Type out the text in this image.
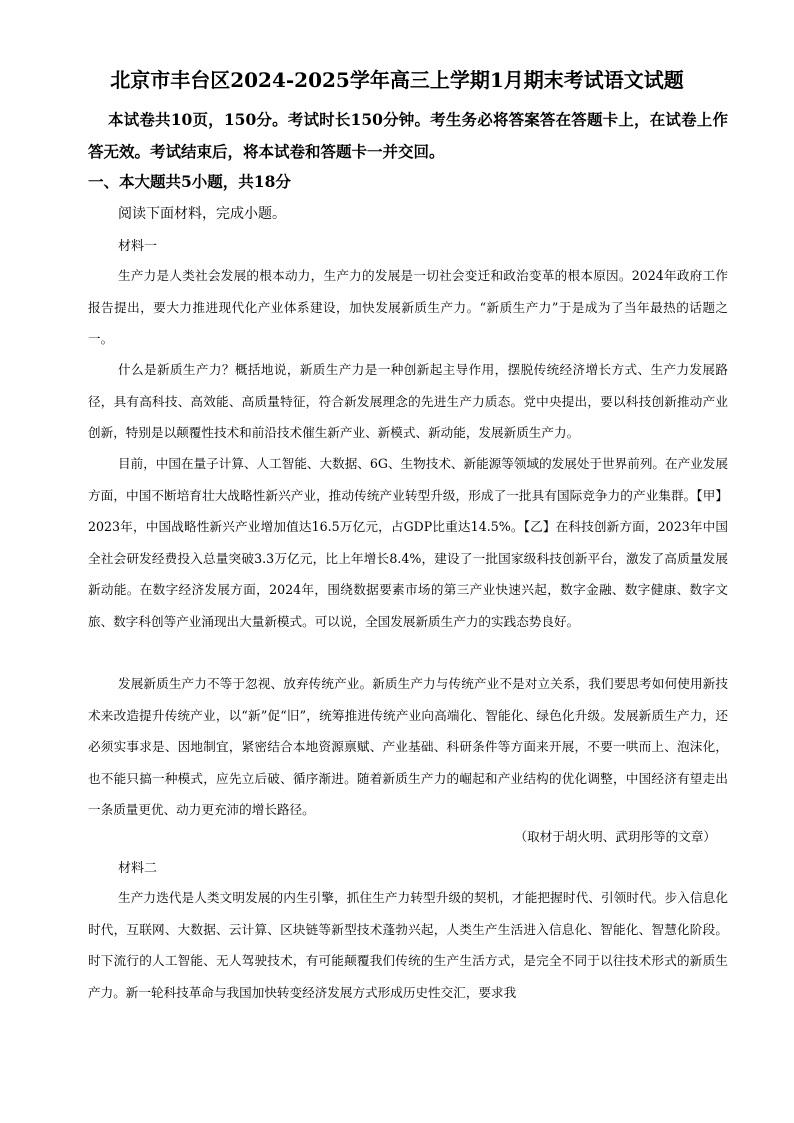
北京市丰台区2024-2025学年高三上学期1月期末考试语文试题

本试卷共10页，150分。考试时长150分钟。考生务必将答案答在答题卡上，在试卷上作答无效。考试结束后，将本试卷和答题卡一并交回。

一、本大题共5小题，共18分

阅读下面材料，完成小题。

材料一

生产力是人类社会发展的根本动力，生产力的发展是一切社会变迁和政治变革的根本原因。2024年政府工作报告提出，要大力推进现代化产业体系建设，加快发展新质生产力。“新质生产力”于是成为了当年最热的话题之一。

什么是新质生产力？概括地说，新质生产力是一种创新起主导作用，摆脱传统经济增长方式、生产力发展路径，具有高科技、高效能、高质量特征，符合新发展理念的先进生产力质态。党中央提出，要以科技创新推动产业创新，特别是以颠覆性技术和前沿技术催生新产业、新模式、新动能，发展新质生产力。

目前，中国在量子计算、人工智能、大数据、6G、生物技术、新能源等领域的发展处于世界前列。在产业发展方面，中国不断培育壮大战略性新兴产业，推动传统产业转型升级，形成了一批具有国际竞争力的产业集群。【甲】2023年，中国战略性新兴产业增加值达16.5万亿元，占GDP比重达14.5%。【乙】在科技创新方面，2023年中国全社会研发经费投入总量突破3.3万亿元，比上年增长8.4%，建设了一批国家级科技创新平台，激发了高质量发展新动能。在数字经济发展方面，2024年，围绕数据要素市场的第三产业快速兴起，数字金融、数字健康、数字文旅、数字科创等产业涌现出大量新模式。可以说，全国发展新质生产力的实践态势良好。

发展新质生产力不等于忽视、放弃传统产业。新质生产力与传统产业不是对立关系，我们要思考如何使用新技术来改造提升传统产业，以“新”促“旧”，统筹推进传统产业向高端化、智能化、绿色化升级。发展新质生产力，还必须实事求是、因地制宜，紧密结合本地资源禀赋、产业基础、科研条件等方面来开展，不要一哄而上、泡沫化，也不能只搞一种模式，应先立后破、循序渐进。随着新质生产力的崛起和产业结构的优化调整，中国经济有望走出一条质量更优、动力更充沛的增长路径。

（取材于胡火明、武玥彤等的文章）

材料二

生产力迭代是人类文明发展的内生引擎，抓住生产力转型升级的契机，才能把握时代、引领时代。步入信息化时代，互联网、大数据、云计算、区块链等新型技术蓬勃兴起，人类生产生活进入信息化、智能化、智慧化阶段。时下流行的人工智能、无人驾驶技术，有可能颠覆我们传统的生产生活方式，是完全不同于以往技术形式的新质生产力。新一轮科技革命与我国加快转变经济发展方式形成历史性交汇，要求我
